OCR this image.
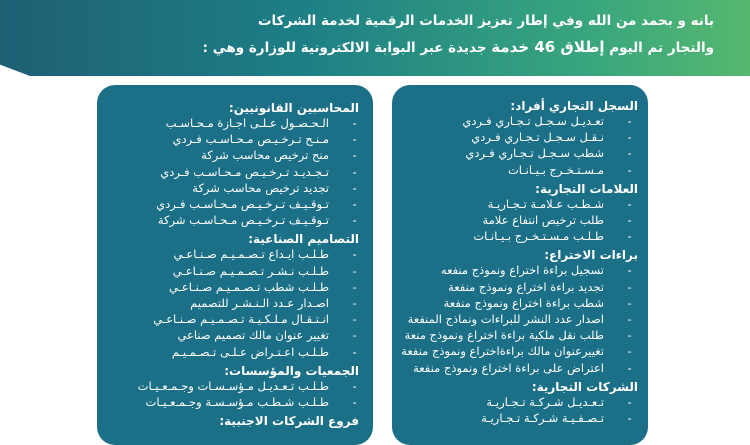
بانه و بحمد من الله وفي إطار تعزيز الخدمات الرقمية لخدمة الشركات
والتجار تم اليوم إطلاق 46 خدمة جديدة عبر البوابة الالكترونية للوزارة وهي :
السجل التجاري أفراد:
- تعـديـل سـجـل تـجـاري فـردي
- نـقـل سـجـل تـجـاري فـردي
- شطب سـجـل تـجـاري فـردي
- مـسـتـخـرج بـيـانـات
العلامات التجارية:
- شـطـب عـلامـة تـجـاريـة
- طلب ترخيص انتفاع علامة
- طـلـب مـسـتـخـرج بـيـانـات
براءات الاختراع:
- تسجيل براءة اختراع ونموذج منفعه
- تجديد براءة اختراع ونموذج منفعة
- شطب براءة اختراع ونموذج منفعة
- اصدار عدد النشر للبراءات ونماذج المنفعة
- طلب نقل ملكية براءة اختراع ونموذج منعة
- تغييرعنوان مالك براءةاختراع ونموذج منفعة
- اعتراض على براءة اختراع ونموذج منفعة
الشركات التجارية:
- تـعـديـل شـركـة تـجـاريـة
- تـصـفـيـة شـركـة تـجـاريـة
المحاسبين القانونيين:
- الـحـصـول عـلـى اجـازة مـحـاسـب
- مـنـح تـرخـيـص مـحـاسـب فـردي
- منح ترخيص محاسب شركة
- تـجـديـد تـرخـيـص مـحـاسـب فـردي
- تجديد ترخيص محاسب شركة
- تـوقـيـف تـرخـيـص مـحـاسـب فـردي
- تـوقـيـف تـرخـيـص مـحـاسـب شركة
التصاميم الصناعية:
- طـلـب ايـداع تـصـمـيـم صـنـاعـي
- طـلـب نـشـر تـصـمـيـم صـنـاعـي
- طـلـب شطب تـصـمـيـم صـنـاعـي
- اصـدار عـدد الـنـشـر للتصميم
- انـتـقـال مـلـكـيـة تـصـمـيـم صـنـاعـي
- تغيير عنوان مالك تصميم صناعي
- طـلـب اعـتـراض عـلـى تـصـمـيـم
الجمعيات والمؤسسات:
- طـلـب تـعـديـل مـؤسـسـات وجـمـعـيـات
- طـلـب شـطـب مـؤسـسـة وجـمـعـيـات
فروع الشركات الاجنبية:
